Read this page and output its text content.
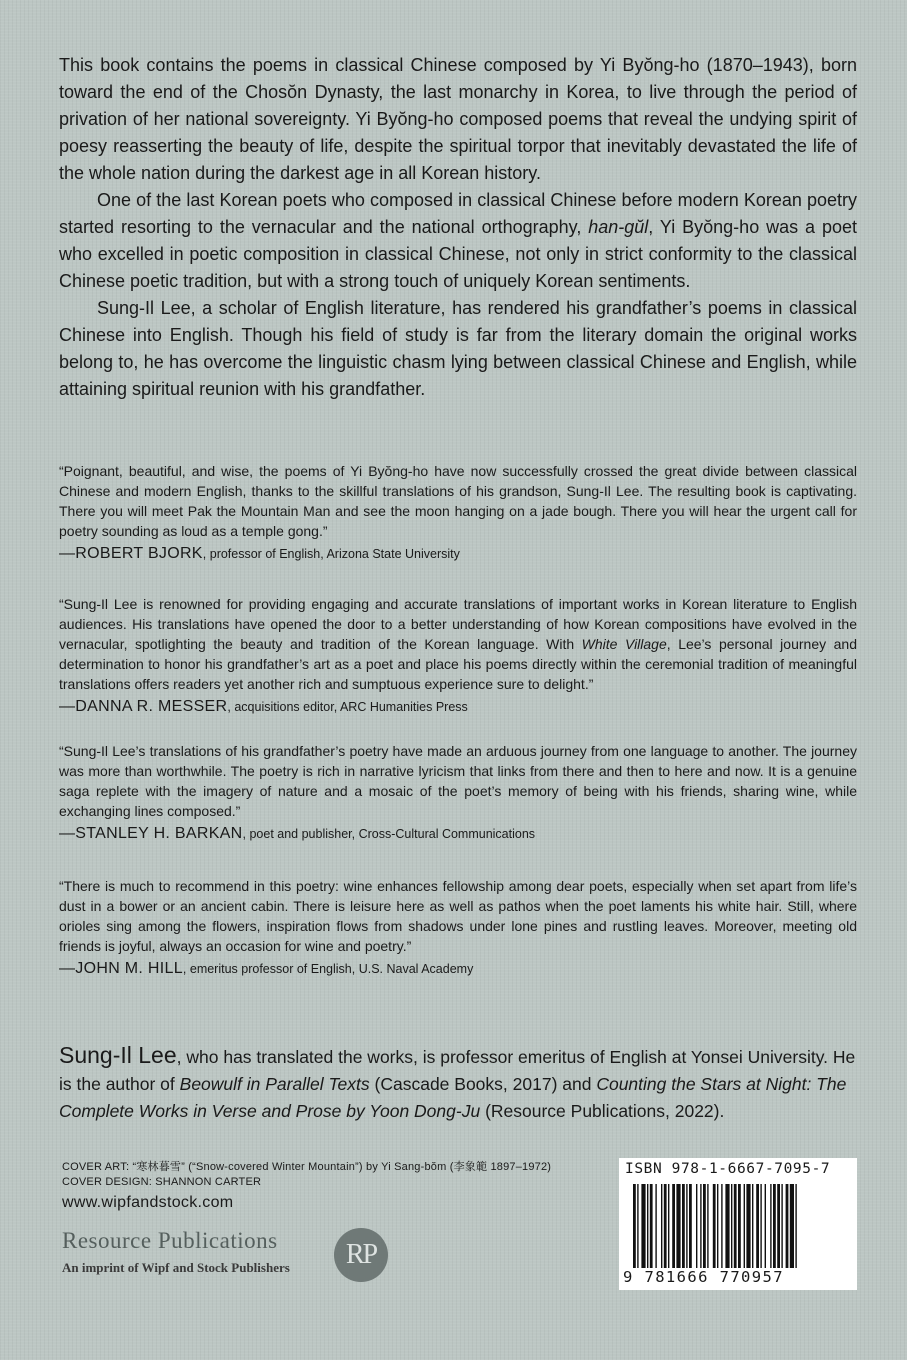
This book contains the poems in classical Chinese composed by Yi Byŏng-ho (1870–1943), born toward the end of the Chosŏn Dynasty, the last monarchy in Korea, to live through the period of privation of her national sovereignty. Yi Byŏng-ho composed poems that reveal the undying spirit of poesy reasserting the beauty of life, despite the spiritual torpor that inevitably devastated the life of the whole nation during the darkest age in all Korean history.

One of the last Korean poets who composed in classical Chinese before modern Korean poetry started resorting to the vernacular and the national orthography, han-gŭl, Yi Byŏng-ho was a poet who excelled in poetic composition in classical Chinese, not only in strict conformity to the classical Chinese poetic tradition, but with a strong touch of uniquely Korean sentiments.

Sung-Il Lee, a scholar of English literature, has rendered his grandfather’s poems in classical Chinese into English. Though his field of study is far from the literary domain the original works belong to, he has overcome the linguistic chasm lying between classical Chinese and English, while attaining spiritual reunion with his grandfather.

“Poignant, beautiful, and wise, the poems of Yi Byŏng-ho have now successfully crossed the great divide between classical Chinese and modern English, thanks to the skillful translations of his grandson, Sung-Il Lee. The resulting book is captivating. There you will meet Pak the Mountain Man and see the moon hanging on a jade bough. There you will hear the urgent call for poetry sounding as loud as a temple gong.”

—ROBERT BJORK, professor of English, Arizona State University

“Sung-Il Lee is renowned for providing engaging and accurate translations of important works in Korean literature to English audiences. His translations have opened the door to a better understanding of how Korean compositions have evolved in the vernacular, spotlighting the beauty and tradition of the Korean language. With White Village, Lee’s personal journey and determination to honor his grandfather’s art as a poet and place his poems directly within the ceremonial tradition of meaningful translations offers readers yet another rich and sumptuous experience sure to delight.”

—DANNA R. MESSER, acquisitions editor, ARC Humanities Press

“Sung-Il Lee’s translations of his grandfather’s poetry have made an arduous journey from one language to another. The journey was more than worthwhile. The poetry is rich in narrative lyricism that links from there and then to here and now. It is a genuine saga replete with the imagery of nature and a mosaic of the poet’s memory of being with his friends, sharing wine, while exchanging lines composed.”

—STANLEY H. BARKAN, poet and publisher, Cross-Cultural Communications

“There is much to recommend in this poetry: wine enhances fellowship among dear poets, especially when set apart from life’s dust in a bower or an ancient cabin. There is leisure here as well as pathos when the poet laments his white hair. Still, where orioles sing among the flowers, inspiration flows from shadows under lone pines and rustling leaves. Moreover, meeting old friends is joyful, always an occasion for wine and poetry.”

—JOHN M. HILL, emeritus professor of English, U.S. Naval Academy

Sung-Il Lee, who has translated the works, is professor emeritus of English at Yonsei University. He is the author of Beowulf in Parallel Texts (Cascade Books, 2017) and Counting the Stars at Night: The Complete Works in Verse and Prose by Yoon Dong-Ju (Resource Publications, 2022).

COVER ART: “寒林暮雪” (“Snow-covered Winter Mountain”) by Yi Sang-bŏm (李象範 1897–1972)
COVER DESIGN: SHANNON CARTER
www.wipfandstock.com
Resource Publications
An imprint of Wipf and Stock Publishers	RP
ISBN 978-1-6667-7095-7
9 781666 770957
